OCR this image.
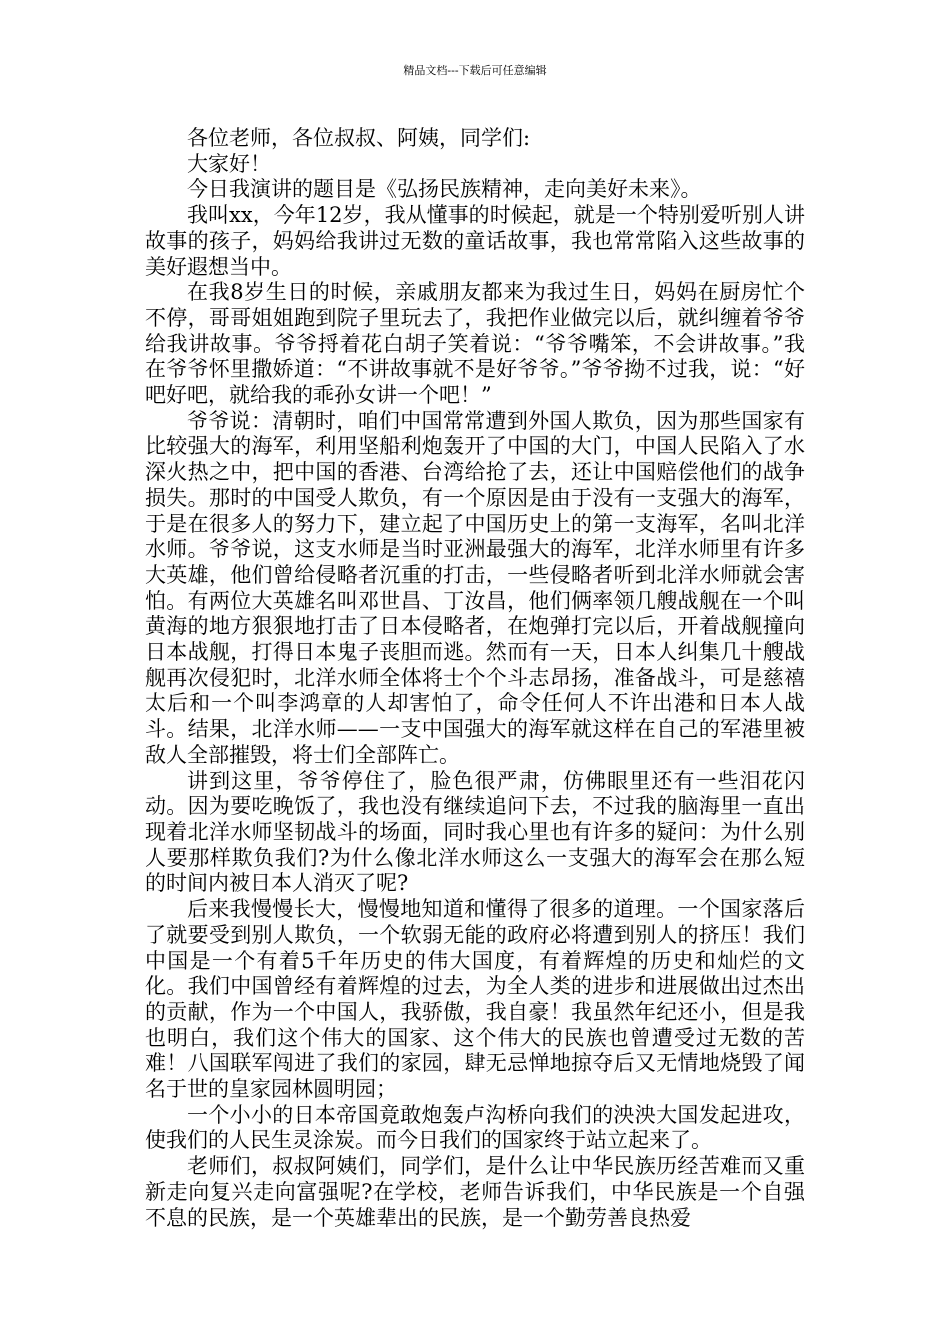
精品文档---下载后可任意编辑

各位老师，各位叔叔、阿姨，同学们:

大家好！

今日我演讲的题目是《弘扬民族精神，走向美好未来》。

我叫xx，今年12岁，我从懂事的时候起，就是一个特别爱听别人讲故事的孩子，妈妈给我讲过无数的童话故事，我也常常陷入这些故事的美好遐想当中。

在我8岁生日的时候，亲戚朋友都来为我过生日，妈妈在厨房忙个不停，哥哥姐姐跑到院子里玩去了，我把作业做完以后，就纠缠着爷爷给我讲故事。爷爷捋着花白胡子笑着说：“爷爷嘴笨，不会讲故事。”我在爷爷怀里撒娇道：“不讲故事就不是好爷爷。”爷爷拗不过我，说：“好吧好吧，就给我的乖孙女讲一个吧！”

爷爷说：清朝时，咱们中国常常遭到外国人欺负，因为那些国家有比较强大的海军，利用坚船利炮轰开了中国的大门，中国人民陷入了水深火热之中，把中国的香港、台湾给抢了去，还让中国赔偿他们的战争损失。那时的中国受人欺负，有一个原因是由于没有一支强大的海军，于是在很多人的努力下，建立起了中国历史上的第一支海军，名叫北洋水师。爷爷说，这支水师是当时亚洲最强大的海军，北洋水师里有许多大英雄，他们曾给侵略者沉重的打击，一些侵略者听到北洋水师就会害怕。有两位大英雄名叫邓世昌、丁汝昌，他们俩率领几艘战舰在一个叫黄海的地方狠狠地打击了日本侵略者，在炮弹打完以后，开着战舰撞向日本战舰，打得日本鬼子丧胆而逃。然而有一天，日本人纠集几十艘战舰再次侵犯时，北洋水师全体将士个个斗志昂扬，准备战斗，可是慈禧太后和一个叫李鸿章的人却害怕了，命令任何人不许出港和日本人战斗。结果，北洋水师——一支中国强大的海军就这样在自己的军港里被敌人全部摧毁，将士们全部阵亡。

讲到这里，爷爷停住了，脸色很严肃，仿佛眼里还有一些泪花闪动。因为要吃晚饭了，我也没有继续追问下去，不过我的脑海里一直出现着北洋水师坚韧战斗的场面，同时我心里也有许多的疑问：为什么别人要那样欺负我们?为什么像北洋水师这么一支强大的海军会在那么短的时间内被日本人消灭了呢?

后来我慢慢长大，慢慢地知道和懂得了很多的道理。一个国家落后了就要受到别人欺负，一个软弱无能的政府必将遭到别人的挤压！我们中国是一个有着5千年历史的伟大国度，有着辉煌的历史和灿烂的文化。我们中国曾经有着辉煌的过去，为全人类的进步和进展做出过杰出的贡献，作为一个中国人，我骄傲，我自豪！我虽然年纪还小，但是我也明白，我们这个伟大的国家、这个伟大的民族也曾遭受过无数的苦难！八国联军闯进了我们的家园，肆无忌惮地掠夺后又无情地烧毁了闻名于世的皇家园林圆明园；

一个小小的日本帝国竟敢炮轰卢沟桥向我们的泱泱大国发起进攻，使我们的人民生灵涂炭。而今日我们的国家终于站立起来了。

老师们，叔叔阿姨们，同学们，是什么让中华民族历经苦难而又重新走向复兴走向富强呢?在学校，老师告诉我们，中华民族是一个自强不息的民族，是一个英雄辈出的民族，是一个勤劳善良热爱
